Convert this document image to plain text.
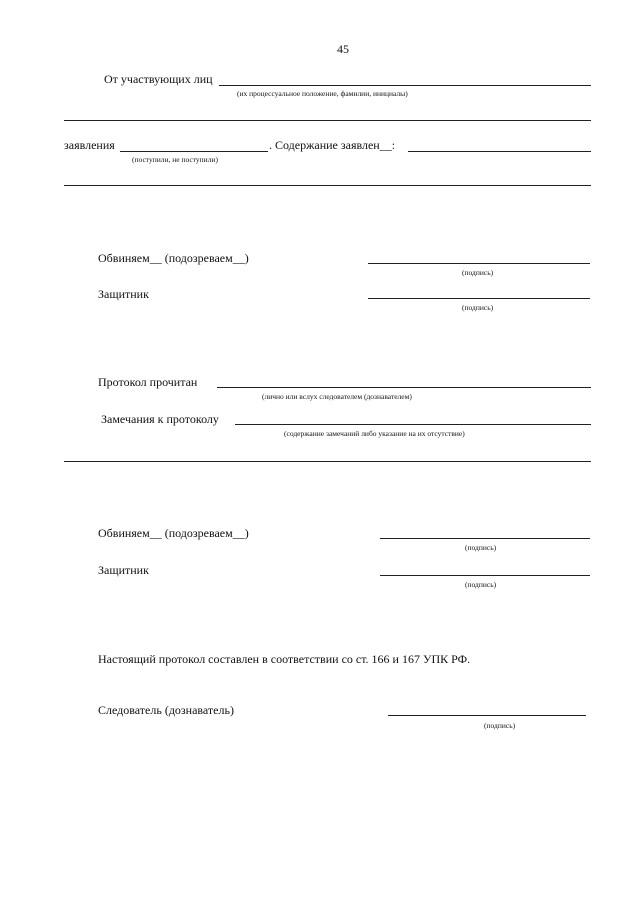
45
От участвующих лиц
(их процессуальное положение, фамилии, инициалы)
заявления	. Содержание заявлен__:
(поступили, не поступили)
Обвиняем__ (подозреваем__)
(подпись)
Защитник
(подпись)
Протокол прочитан
(лично или вслух следователем (дознавателем)
Замечания к протоколу
(содержание замечаний либо указание на их отсутствие)
Обвиняем__ (подозреваем__)
(подпись)
Защитник
(подпись)
Настоящий протокол составлен в соответствии со ст. 166 и 167 УПК РФ.
Следователь (дознаватель)
(подпись)
